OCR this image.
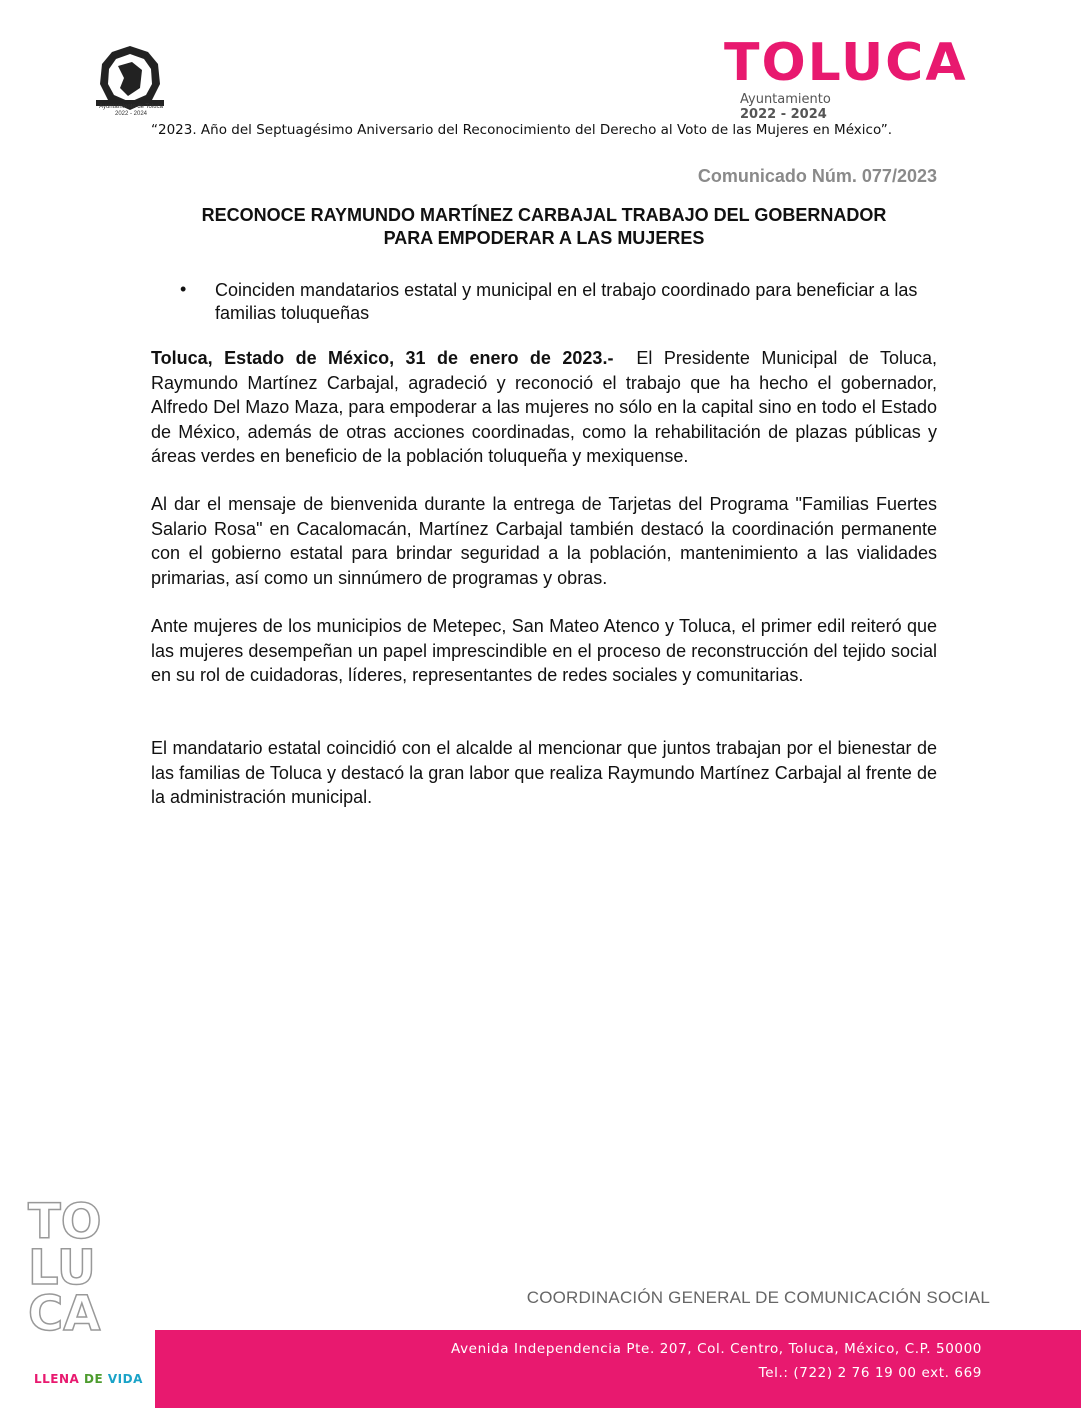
Ayuntamiento de Toluca
2022 - 2024
TOLUCA
Ayuntamiento
2022 - 2024
“2023. Año del Septuagésimo Aniversario del Reconocimiento del Derecho al Voto de las Mujeres en México”.
Comunicado Núm. 077/2023
RECONOCE RAYMUNDO MARTÍNEZ CARBAJAL TRABAJO DEL GOBERNADOR
PARA EMPODERAR A LAS MUJERES
• Coinciden mandatarios estatal y municipal en el trabajo coordinado para beneficiar a las familias toluqueñas
Toluca, Estado de México, 31 de enero de 2023.- El Presidente Municipal de Toluca, Raymundo Martínez Carbajal, agradeció y reconoció el trabajo que ha hecho el gobernador, Alfredo Del Mazo Maza, para empoderar a las mujeres no sólo en la capital sino en todo el Estado de México, además de otras acciones coordinadas, como la rehabilitación de plazas públicas y áreas verdes en beneficio de la población toluqueña y mexiquense.
Al dar el mensaje de bienvenida durante la entrega de Tarjetas del Programa "Familias Fuertes Salario Rosa" en Cacalomacán, Martínez Carbajal también destacó la coordinación permanente con el gobierno estatal para brindar seguridad a la población, mantenimiento a las vialidades primarias, así como un sinnúmero de programas y obras.
Ante mujeres de los municipios de Metepec, San Mateo Atenco y Toluca, el primer edil reiteró que las mujeres desempeñan un papel imprescindible en el proceso de reconstrucción del tejido social en su rol de cuidadoras, líderes, representantes de redes sociales y comunitarias.
El mandatario estatal coincidió con el alcalde al mencionar que juntos trabajan por el bienestar de las familias de Toluca y destacó la gran labor que realiza Raymundo Martínez Carbajal al frente de la administración municipal.
TO
LU
CA
LLENA DE VIDA
COORDINACIÓN GENERAL DE COMUNICACIÓN SOCIAL
Avenida Independencia Pte. 207, Col. Centro, Toluca, México, C.P. 50000
Tel.: (722) 2 76 19 00 ext. 669
